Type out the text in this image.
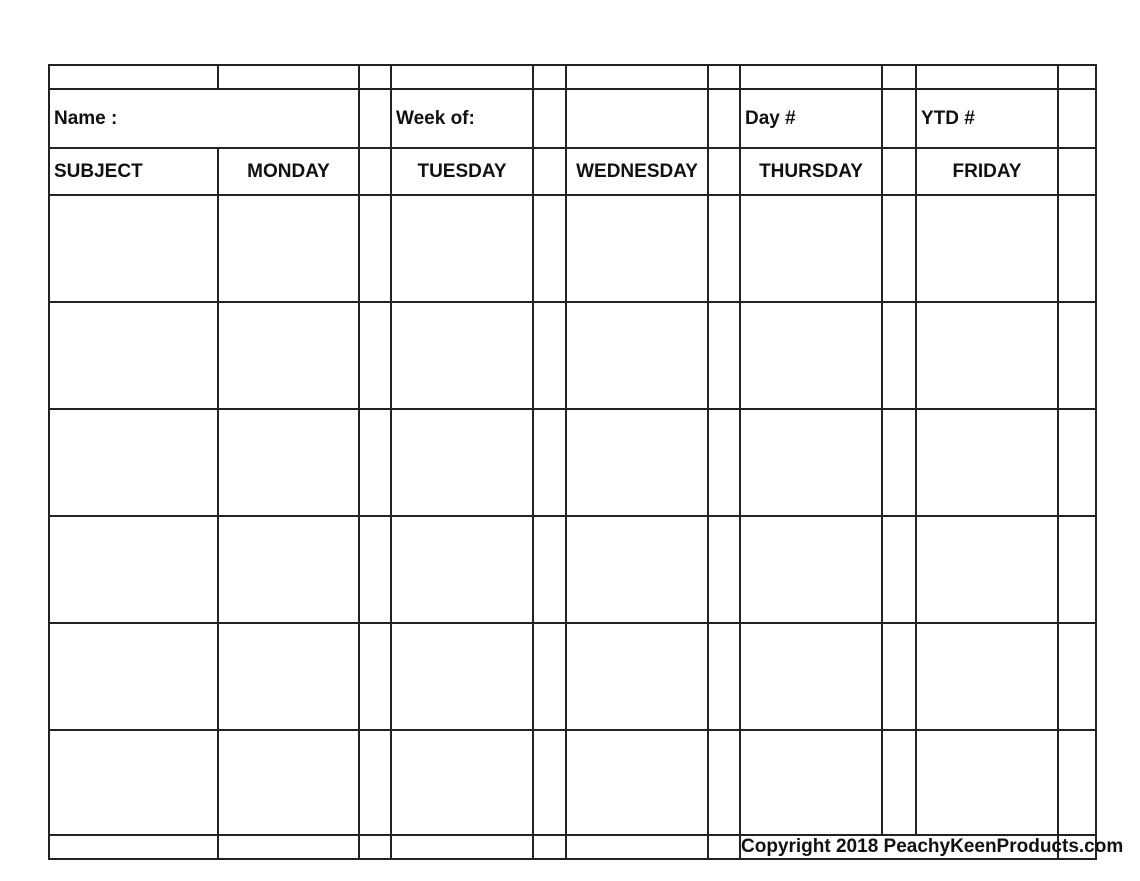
Name :			Week of:				Day #		YTD #	
SUBJECT	MONDAY		TUESDAY		WEDNESDAY		THURSDAY		FRIDAY	

							Copyright 2018 PeachyKeenProducts.com			
